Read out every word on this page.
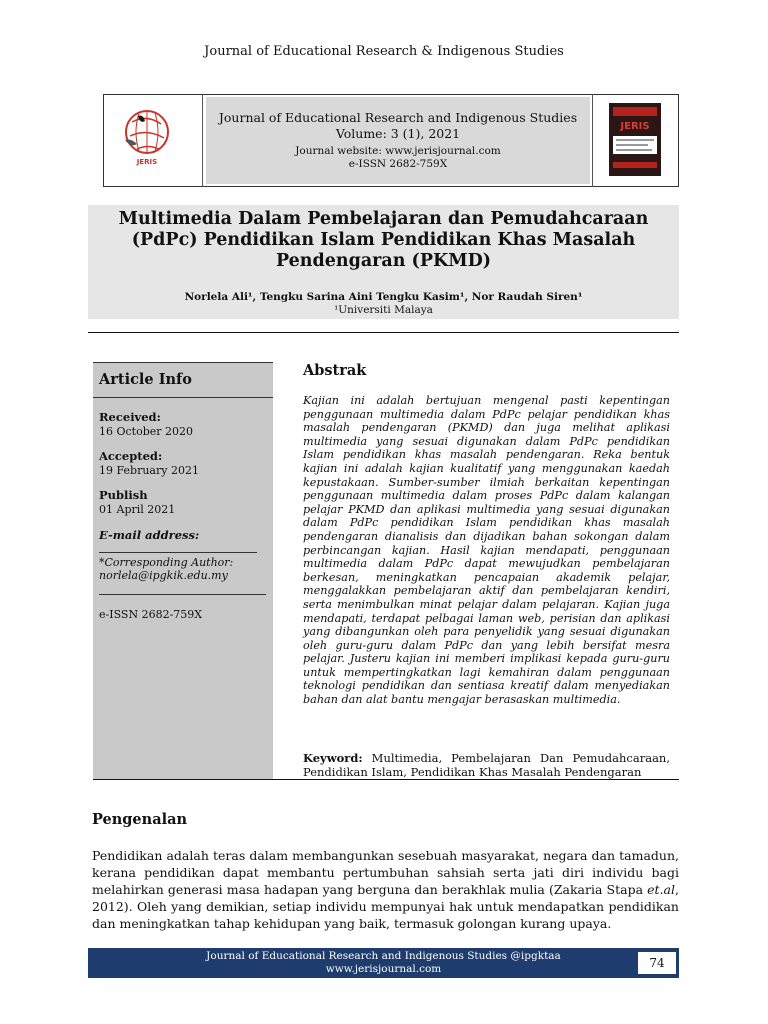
Journal of Educational Research & Indigenous Studies
JERIS
Journal of Educational Research and Indigenous Studies
Volume: 3 (1), 2021
Journal website: www.jerisjournal.com
e-ISSN 2682-759X
JERIS
Multimedia Dalam Pembelajaran dan Pemudahcaraan (PdPc) Pendidikan Islam Pendidikan Khas Masalah Pendengaran (PKMD)
Norlela Ali¹, Tengku Sarina Aini Tengku Kasim¹, Nor Raudah Siren¹
¹Universiti Malaya
Article Info
Received:
16 October 2020
Accepted:
19 February 2021
Publish
01 April 2021
E-mail address:
*Corresponding Author:
norlela@ipgkik.edu.my
e-ISSN 2682-759X
Abstrak
Kajian ini adalah bertujuan mengenal pasti kepentingan penggunaan multimedia dalam PdPc pelajar pendidikan khas masalah pendengaran (PKMD) dan juga melihat aplikasi multimedia yang sesuai digunakan dalam PdPc pendidikan Islam pendidikan khas masalah pendengaran. Reka bentuk kajian ini adalah kajian kualitatif yang menggunakan kaedah kepustakaan. Sumber-sumber ilmiah berkaitan kepentingan penggunaan multimedia dalam proses PdPc dalam kalangan pelajar PKMD dan aplikasi multimedia yang sesuai digunakan dalam PdPc pendidikan Islam pendidikan khas masalah pendengaran dianalisis dan dijadikan bahan sokongan dalam perbincangan kajian. Hasil kajian mendapati, penggunaan multimedia dalam PdPc dapat mewujudkan pembelajaran berkesan, meningkatkan pencapaian akademik pelajar, menggalakkan pembelajaran aktif dan pembelajaran kendiri, serta menimbulkan minat pelajar dalam pelajaran. Kajian juga mendapati, terdapat pelbagai laman web, perisian dan aplikasi yang dibangunkan oleh para penyelidik yang sesuai digunakan oleh guru-guru dalam PdPc dan yang lebih bersifat mesra pelajar. Justeru kajian ini memberi implikasi kepada guru-guru untuk mempertingkatkan lagi kemahiran dalam penggunaan teknologi pendidikan dan sentiasa kreatif dalam menyediakan bahan dan alat bantu mengajar berasaskan multimedia.
Keyword: Multimedia, Pembelajaran Dan Pemudahcaraan, Pendidikan Islam, Pendidikan Khas Masalah Pendengaran
Pengenalan
Pendidikan adalah teras dalam membangunkan sesebuah masyarakat, negara dan tamadun, kerana pendidikan dapat membantu pertumbuhan sahsiah serta jati diri individu bagi melahirkan generasi masa hadapan yang berguna dan berakhlak mulia (Zakaria Stapa et.al, 2012). Oleh yang demikian, setiap individu mempunyai hak untuk mendapatkan pendidikan dan meningkatkan tahap kehidupan yang baik, termasuk golongan kurang upaya.
Journal of Educational Research and Indigenous Studies @ipgktaa
www.jerisjournal.com	74
